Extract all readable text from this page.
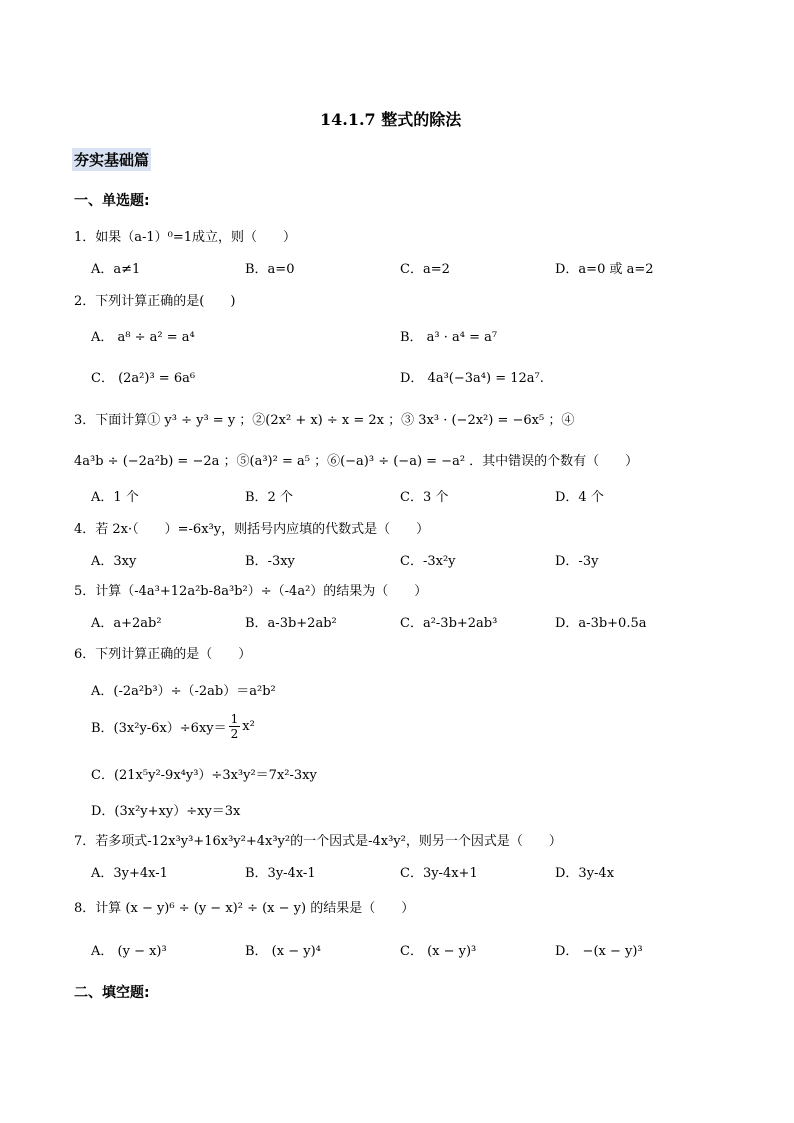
14.1.7 整式的除法
夯实基础篇
一、单选题:
1．如果（a-1）⁰=1成立，则（　　）
A．a≠1	B．a=0	C．a=2	D．a=0 或 a=2
2．下列计算正确的是(　　)
A． a⁸ ÷ a² = a⁴	B． a³ · a⁴ = a⁷
C． (2a²)³ = 6a⁶	D． 4a³(−3a⁴) = 12a⁷.
3．下面计算① y³ ÷ y³ = y ；②(2x² + x) ÷ x = 2x ；③ 3x³ · (−2x²) = −6x⁵ ；④
4a³b ÷ (−2a²b) = −2a ；⑤(a³)² = a⁵ ；⑥(−a)³ ÷ (−a) = −a² ．其中错误的个数有（　　）
A．1 个	B．2 个	C．3 个	D．4 个
4．若 2x·（　　）=-6x³y，则括号内应填的代数式是（　　）
A．3xy	B．-3xy	C．-3x²y	D．-3y
5．计算（-4a³+12a²b-8a³b²）÷（-4a²）的结果为（　　）
A．a+2ab²	B．a-3b+2ab²	C．a²-3b+2ab³	D．a-3b+0.5a
6．下列计算正确的是（　　）
A．(-2a²b³）÷（-2ab）＝a²b²
B．$(3x^2y-6x)\div 6xy= \frac{1}{2} x^2$
C．(21x⁵y²-9x⁴y³）÷3x³y²＝7x²-3xy
D．(3x²y+xy）÷xy＝3x
7．若多项式-12x³y³+16x³y²+4x³y²的一个因式是-4x³y²，则另一个因式是（　　）
A．3y+4x-1	B．3y-4x-1	C．3y-4x+1	D．3y-4x
8．计算 (x − y)⁶ ÷ (y − x)² ÷ (x − y) 的结果是（　　）
A． (y − x)³	B． (x − y)⁴	C． (x − y)³	D． −(x − y)³
二、填空题:
